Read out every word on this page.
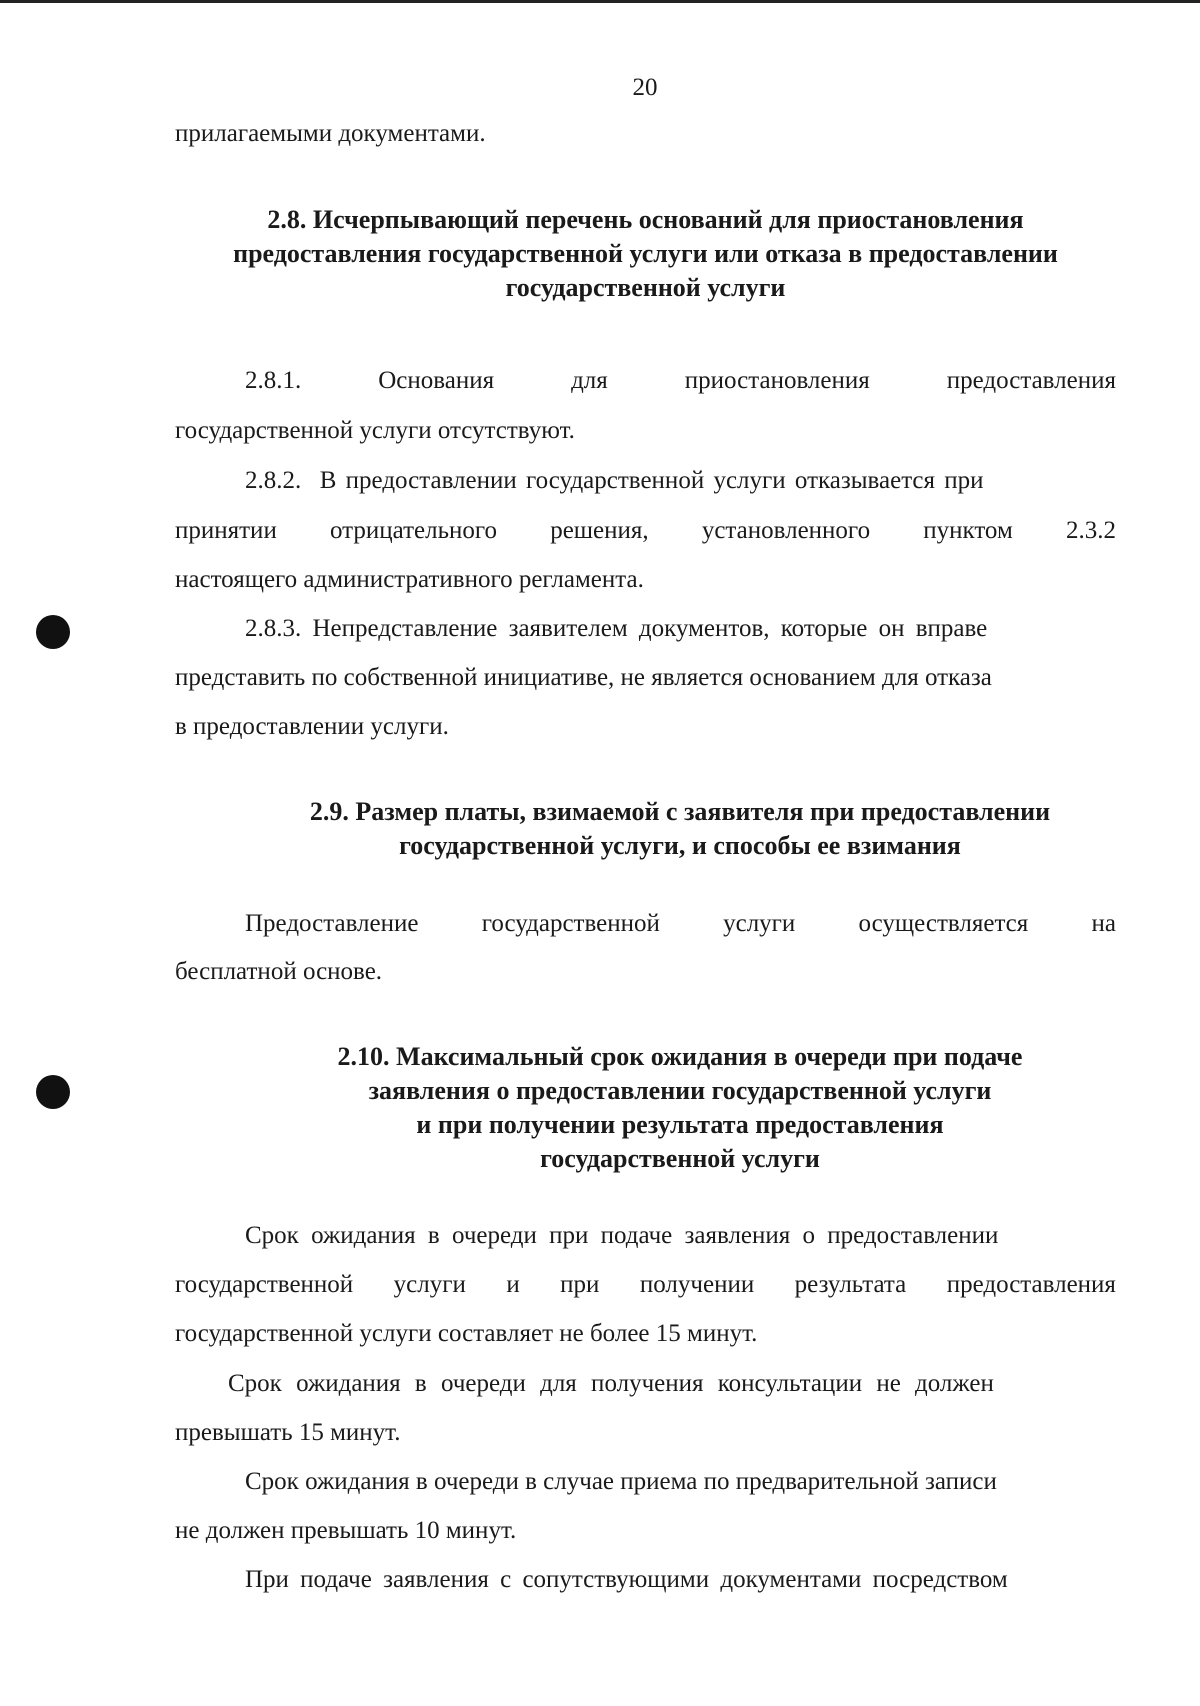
20
прилагаемыми документами.
2.8. Исчерпывающий перечень оснований для приостановления
предоставления государственной услуги или отказа в предоставлении
государственной услуги
2.8.1.	Основания	для	приостановления	предоставления
государственной услуги отсутствуют.
2.8.2.  В предоставлении государственной услуги отказывается при
принятии отрицательного решения, установленного пунктом 2.3.2
настоящего административного регламента.
2.8.3. Непредставление заявителем документов, которые он вправе
представить по собственной инициативе, не является основанием для отказа
в предоставлении услуги.
2.9. Размер платы, взимаемой с заявителя при предоставлении
государственной услуги, и способы ее взимания
Предоставление	государственной	услуги	осуществляется	на
бесплатной основе.
2.10. Максимальный срок ожидания в очереди при подаче
заявления о предоставлении государственной услуги
и при получении результата предоставления
государственной услуги
Срок ожидания в очереди при подаче заявления о предоставлении
государственной услуги и при получении результата предоставления
государственной услуги составляет не более 15 минут.
Срок ожидания в очереди для получения консультации не должен
превышать 15 минут.
Срок ожидания в очереди в случае приема по предварительной записи
не должен превышать 10 минут.
При подаче заявления с сопутствующими документами посредством
